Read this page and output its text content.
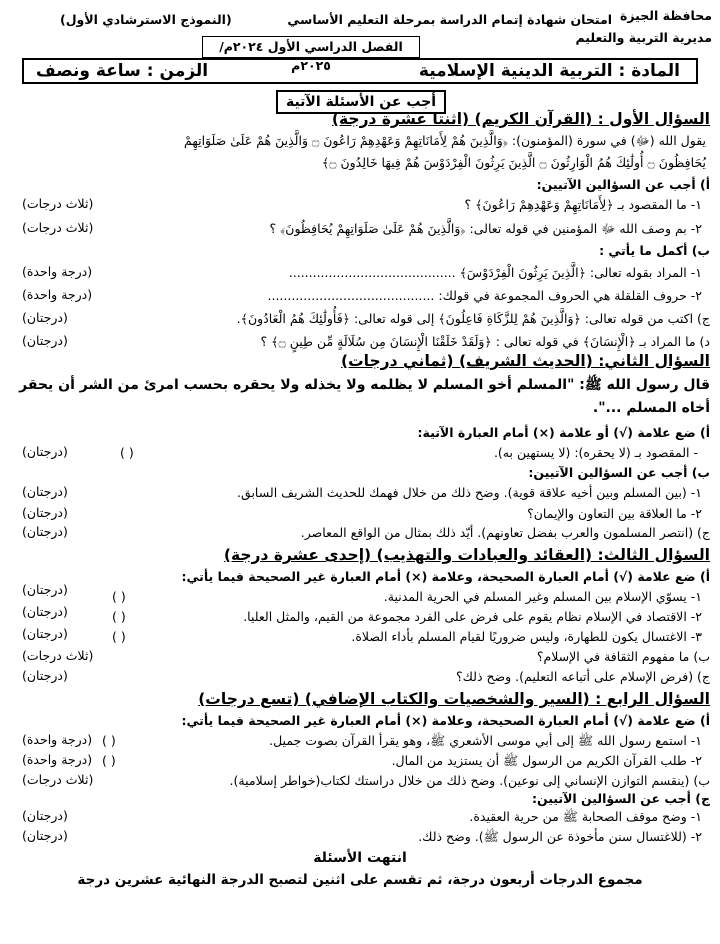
محافظة الجيزة
مديرية التربية والتعليم
امتحان شهادة إتمام الدراسة بمرحلة التعليم الأساسي
(النموذج الاسترشادي الأول)
الفصل الدراسي الأول ٢٠٢٤م/٢٠٢٥م	المادة : التربية الدينية الإسلامية
الزمن : ساعة ونصف
أجب عن الأسئلة الآتية
السؤال الأول : (القرآن الكريم) (اثنتا عشرة درجة)
يقول الله (ﷻ) في سورة (المؤمنون): ﴿وَالَّذِينَ هُمْ لِأَمَانَاتِهِمْ وَعَهْدِهِمْ رَاعُونَ ۝ وَالَّذِينَ هُمْ عَلَىٰ صَلَوَاتِهِمْ
يُحَافِظُونَ ۝ أُولَٰئِكَ هُمُ الْوَارِثُونَ ۝ الَّذِينَ يَرِثُونَ الْفِرْدَوْسَ هُمْ فِيهَا خَالِدُونَ ۝﴾
أ) أجب عن السؤالين الآتيين:
١- ما المقصود بـ ﴿لِأَمَانَاتِهِمْ وَعَهْدِهِمْ رَاعُونَ﴾ ؟
(ثلاث درجات)
٢- بم وصف الله ﷻ المؤمنين في قوله تعالى: ﴿وَالَّذِينَ هُمْ عَلَىٰ صَلَوَاتِهِمْ يُحَافِظُونَ﴾ ؟
(ثلاث درجات)
ب) أكمل ما يأتي :
١- المراد بقوله تعالى: ﴿الَّذِينَ يَرِثُونَ الْفِرْدَوْسَ﴾ ..........................................
(درجة واحدة)
٢- حروف القلقلة هي الحروف المجموعة في قولك: ..........................................
(درجة واحدة)
ج) اكتب من قوله تعالى: ﴿وَالَّذِينَ هُمْ لِلزَّكَاةِ فَاعِلُونَ﴾ إلى قوله تعالى: ﴿فَأُولَٰئِكَ هُمُ الْعَادُونَ﴾.
(درجتان)
د) ما المراد بـ ﴿الْإِنسَانَ﴾ في قوله تعالى : ﴿وَلَقَدْ خَلَقْنَا الْإِنسَانَ مِن سُلَالَةٍ مِّن طِينٍ ۝﴾ ؟
(درجتان)
السؤال الثاني: (الحديث الشريف) (ثماني درجات)
قال رسول الله ﷺ: "المسلم أخو المسلم لا يظلمه ولا يخذله ولا يحقره بحسب امرئ من الشر أن يحقر
أخاه المسلم ...".
أ) ضع علامة (√) أو علامة (×) أمام العبارة الآتية:
- المقصود بـ (لا يحقره): (لا يستهين به).
( )
(درجتان)
ب) أجب عن السؤالين الآتيين:
١- (بين المسلم وبين أخيه علاقة قوية). وضح ذلك من خلال فهمك للحديث الشريف السابق.
(درجتان)
٢- ما العلاقة بين التعاون والإيمان؟
(درجتان)
ج) (انتصر المسلمون والعرب بفضل تعاونهم). أيّد ذلك بمثال من الواقع المعاصر.
(درجتان)
السؤال الثالث: (العقائد والعبادات والتهذيب) (إحدى عشرة درجة)
أ) ضع علامة (√) أمام العبارة الصحيحة، وعلامة (×) أمام العبارة غير الصحيحة فيما يأتي:
١- يسوّي الإسلام بين المسلم وغير المسلم في الحرية المدنية.
( )
(درجتان)
٢- الاقتصاد في الإسلام نظام يقوم على فرض على الفرد مجموعة من القيم، والمثل العليا.
( )
(درجتان)
٣- الاغتسال يكون للطهارة، وليس ضروريًا لقيام المسلم بأداء الصلاة.
( )
(درجتان)
ب) ما مفهوم الثقافة في الإسلام؟
(ثلاث درجات)
ج) (فرض الإسلام على أتباعه التعليم). وضح ذلك؟
(درجتان)
السؤال الرابع : (السير والشخصيات والكتاب الإضافي) (تسع درجات)
أ) ضع علامة (√) أمام العبارة الصحيحة، وعلامة (×) أمام العبارة غير الصحيحة فيما يأتي:
١- استمع رسول الله ﷺ إلى أبي موسى الأشعري ﷺ، وهو يقرأ القرآن بصوت جميل.
( )
(درجة واحدة)
٢- طلب القرآن الكريم من الرسول ﷺ أن يستزيد من المال.
( )
(درجة واحدة)
ب) (ينقسم التوازن الإنساني إلى نوعين). وضح ذلك من خلال دراستك لكتاب(خواطر إسلامية).
(ثلاث درجات)
ج) أجب عن السؤالين الآتيين:
١- وضح موقف الصحابة ﷺ من حرية العقيدة.
(درجتان)
٢- (للاغتسال سنن مأخوذة عن الرسول ﷺ). وضح ذلك.
(درجتان)
انتهت الأسئلة
مجموع الدرجات أربعون درجة، ثم تقسم على اثنين لتصبح الدرجة النهائية عشرين درجة
